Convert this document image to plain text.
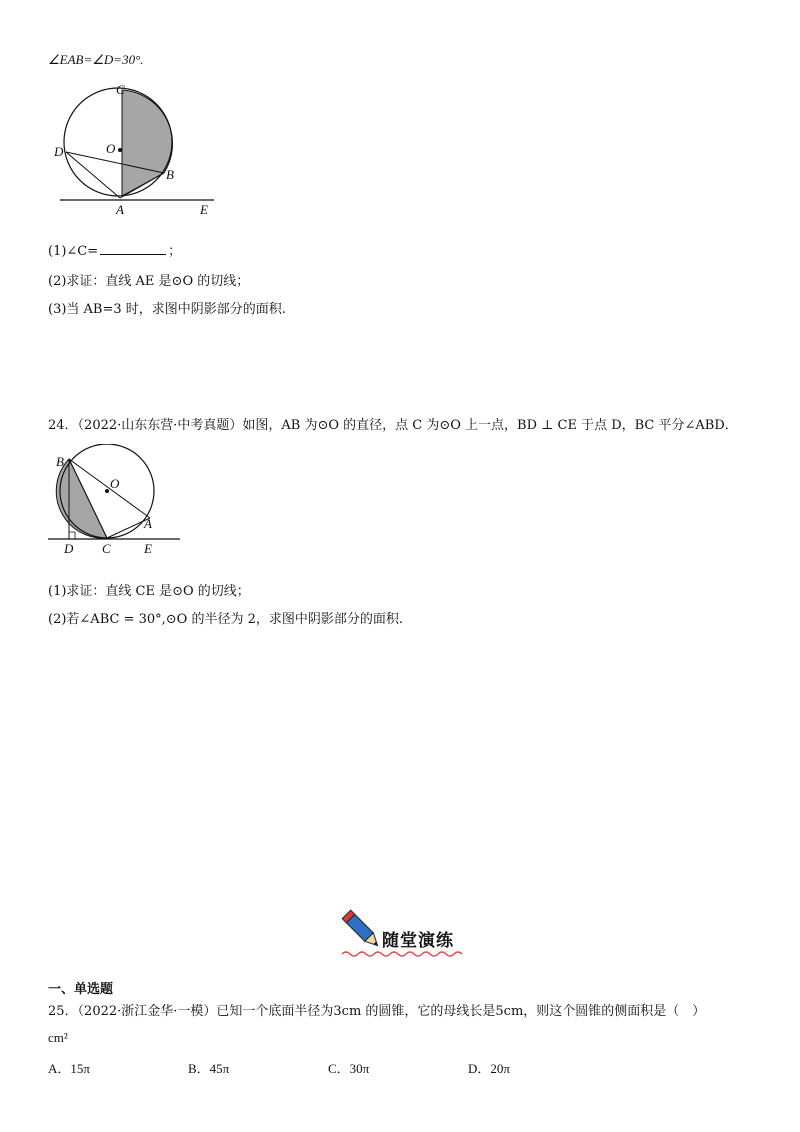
∠EAB=∠D=30°.
C
O
D
B
A	E
(1)∠C=	；
(2)求证：直线 AE 是⊙O 的切线；
(3)当 AB=3 时，求图中阴影部分的面积.
24．（2022·山东东营·中考真题）如图，AB 为⊙O 的直径，点 C 为⊙O 上一点，BD ⊥ CE 于点 D，BC 平分∠ABD．
B
O
A
D C	E
(1)求证：直线 CE 是⊙O 的切线；
(2)若∠ABC = 30°,⊙O 的半径为 2，求图中阴影部分的面积.
随堂演练
一、单选题
25．（2022·浙江金华·一模）已知一个底面半径为3cm 的圆锥，它的母线长是5cm，则这个圆锥的侧面积是（　）
cm²
A．15π	B．45π	C．30π	D．20π
